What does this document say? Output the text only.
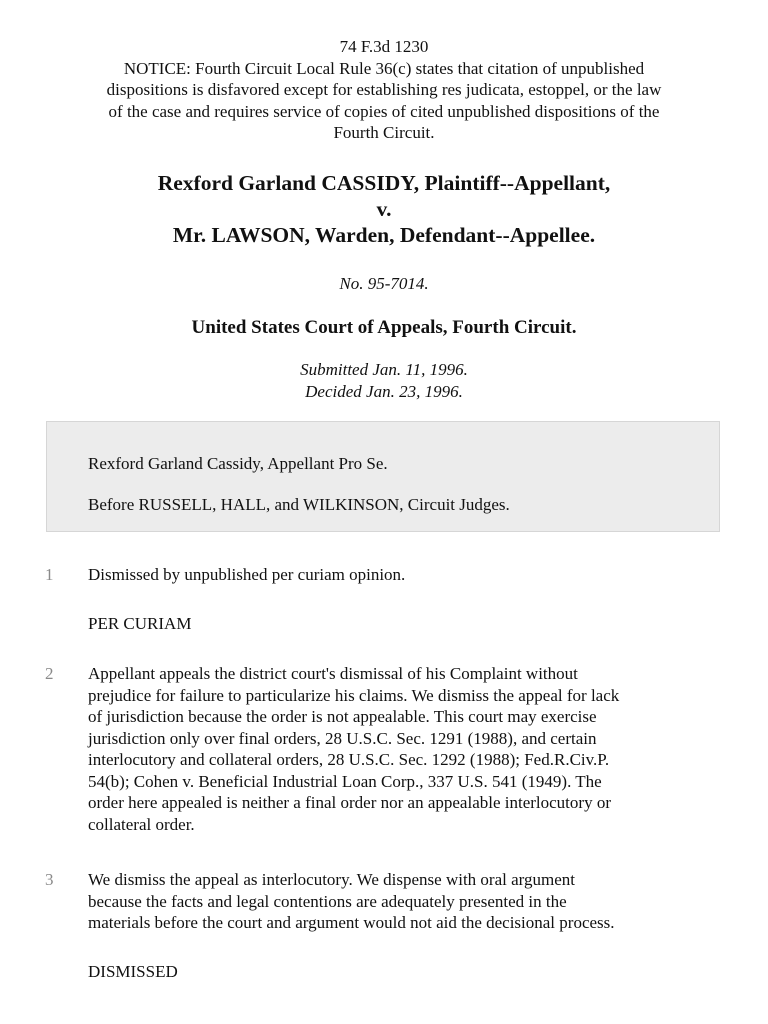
74 F.3d 1230
NOTICE: Fourth Circuit Local Rule 36(c) states that citation of unpublished
dispositions is disfavored except for establishing res judicata, estoppel, or the law
of the case and requires service of copies of cited unpublished dispositions of the
Fourth Circuit.
Rexford Garland CASSIDY, Plaintiff--Appellant,
v.
Mr. LAWSON, Warden, Defendant--Appellee.
No. 95-7014.
United States Court of Appeals, Fourth Circuit.
Submitted Jan. 11, 1996.
Decided Jan. 23, 1996.
Rexford Garland Cassidy, Appellant Pro Se.
Before RUSSELL, HALL, and WILKINSON, Circuit Judges.
1 Dismissed by unpublished per curiam opinion.
PER CURIAM
2 Appellant appeals the district court's dismissal of his Complaint without
prejudice for failure to particularize his claims. We dismiss the appeal for lack
of jurisdiction because the order is not appealable. This court may exercise
jurisdiction only over final orders, 28 U.S.C. Sec. 1291 (1988), and certain
interlocutory and collateral orders, 28 U.S.C. Sec. 1292 (1988); Fed.R.Civ.P.
54(b); Cohen v. Beneficial Industrial Loan Corp., 337 U.S. 541 (1949). The
order here appealed is neither a final order nor an appealable interlocutory or
collateral order.
3 We dismiss the appeal as interlocutory. We dispense with oral argument
because the facts and legal contentions are adequately presented in the
materials before the court and argument would not aid the decisional process.
DISMISSED
